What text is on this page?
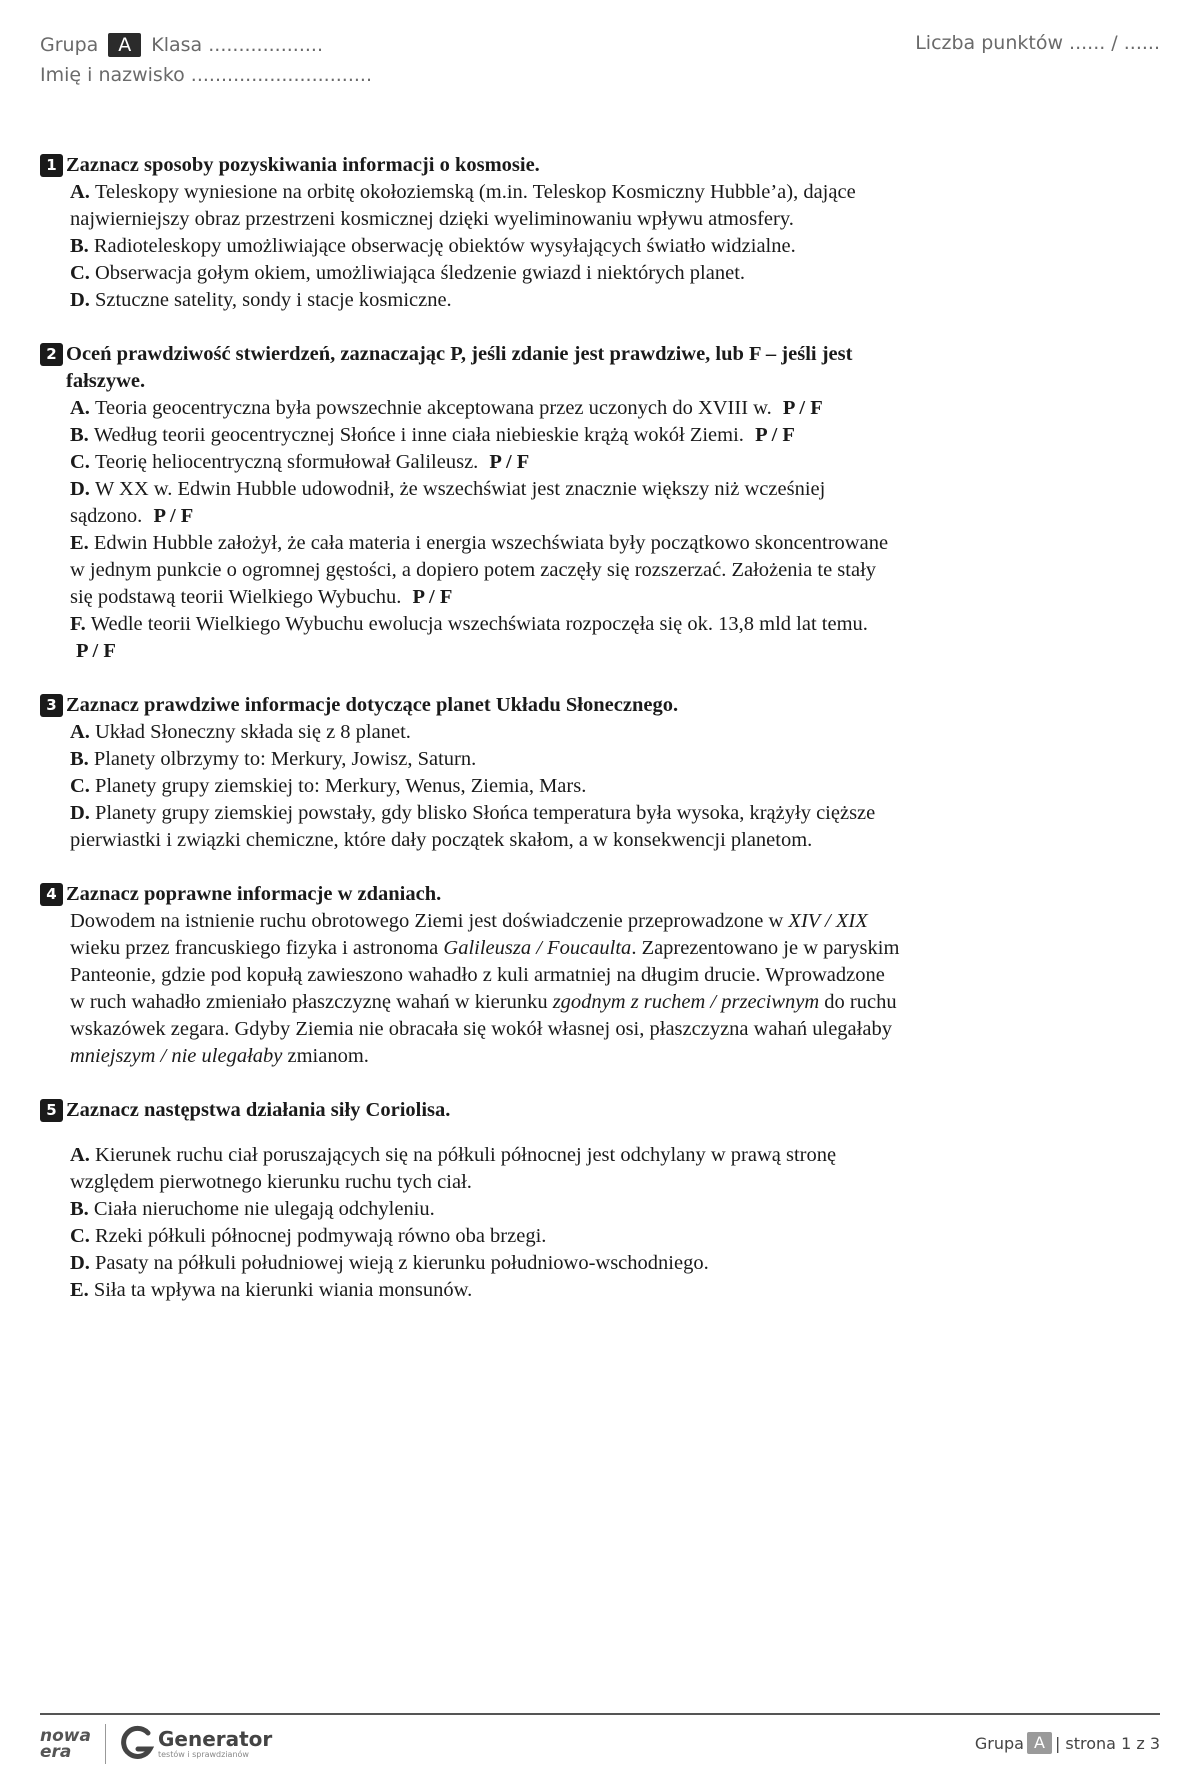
Grupa	A	Klasa ...................
Imię i nazwisko ..............................
Liczba punktów ...... / ......
1 Zaznacz sposoby pozyskiwania informacji o kosmosie.
A. Teleskopy wyniesione na orbitę okołoziemską (m.in. Teleskop Kosmiczny Hubble’a), dające najwierniejszy obraz przestrzeni kosmicznej dzięki wyeliminowaniu wpływu atmosfery.
B. Radioteleskopy umożliwiające obserwację obiektów wysyłających światło widzialne.
C. Obserwacja gołym okiem, umożliwiająca śledzenie gwiazd i niektórych planet.
D. Sztuczne satelity, sondy i stacje kosmiczne.
2 Oceń prawdziwość stwierdzeń, zaznaczając P, jeśli zdanie jest prawdziwe, lub F – jeśli jest fałszywe.
A. Teoria geocentryczna była powszechnie akceptowana przez uczonych do XVIII w. P / F
B. Według teorii geocentrycznej Słońce i inne ciała niebieskie krążą wokół Ziemi. P / F
C. Teorię heliocentryczną sformułował Galileusz. P / F
D. W XX w. Edwin Hubble udowodnił, że wszechświat jest znacznie większy niż wcześniej sądzono. P / F
E. Edwin Hubble założył, że cała materia i energia wszechświata były początkowo skoncentrowane w jednym punkcie o ogromnej gęstości, a dopiero potem zaczęły się rozszerzać. Założenia te stały się podstawą teorii Wielkiego Wybuchu. P / F
F. Wedle teorii Wielkiego Wybuchu ewolucja wszechświata rozpoczęła się ok. 13,8 mld lat temu. P / F
3 Zaznacz prawdziwe informacje dotyczące planet Układu Słonecznego.
A. Układ Słoneczny składa się z 8 planet.
B. Planety olbrzymy to: Merkury, Jowisz, Saturn.
C. Planety grupy ziemskiej to: Merkury, Wenus, Ziemia, Mars.
D. Planety grupy ziemskiej powstały, gdy blisko Słońca temperatura była wysoka, krążyły cięższe pierwiastki i związki chemiczne, które dały początek skałom, a w konsekwencji planetom.
4 Zaznacz poprawne informacje w zdaniach.
Dowodem na istnienie ruchu obrotowego Ziemi jest doświadczenie przeprowadzone w XIV / XIX wieku przez francuskiego fizyka i astronoma Galileusza / Foucaulta. Zaprezentowano je w paryskim Panteonie, gdzie pod kopułą zawieszono wahadło z kuli armatniej na długim drucie. Wprowadzone w ruch wahadło zmieniało płaszczyznę wahań w kierunku zgodnym z ruchem / przeciwnym do ruchu wskazówek zegara. Gdyby Ziemia nie obracała się wokół własnej osi, płaszczyzna wahań ulegałaby mniejszym / nie ulegałaby zmianom.
5 Zaznacz następstwa działania siły Coriolisa.
A. Kierunek ruchu ciał poruszających się na półkuli północnej jest odchylany w prawą stronę względem pierwotnego kierunku ruchu tych ciał.
B. Ciała nieruchome nie ulegają odchyleniu.
C. Rzeki półkuli północnej podmywają równo oba brzegi.
D. Pasaty na półkuli południowej wieją z kierunku południowo-wschodniego.
E. Siła ta wpływa na kierunki wiania monsunów.
nowa
era
Generator
testów i sprawdzianów
Grupa A | strona 1 z 3
